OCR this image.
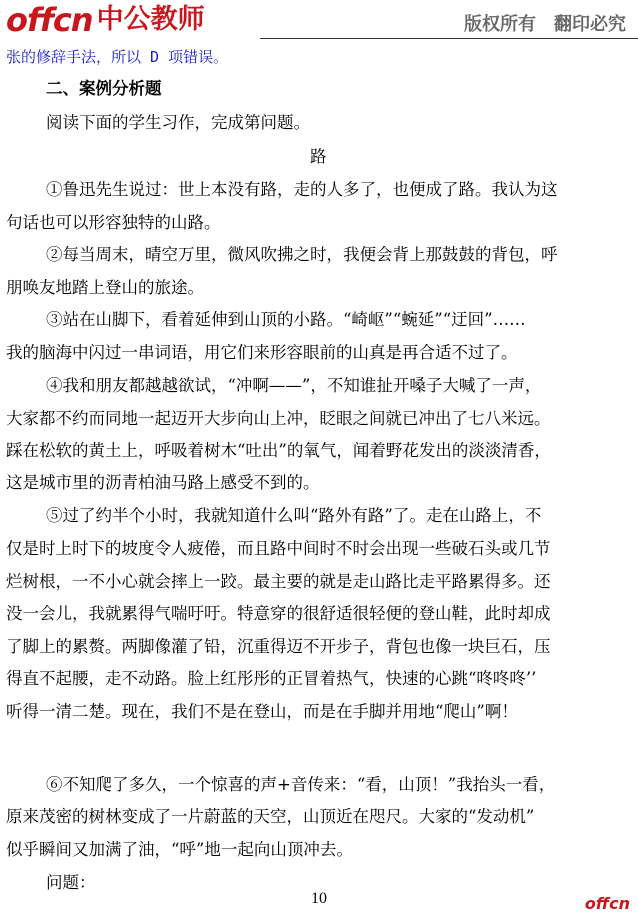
offcn 中公教师	版权所有 翻印必究
张的修辞手法，所以 D 项错误。
二、案例分析题
阅读下面的学生习作，完成第问题。
路
①鲁迅先生说过：世上本没有路，走的人多了，也便成了路。我认为这
句话也可以形容独特的山路。
②每当周末，晴空万里，微风吹拂之时，我便会背上那鼓鼓的背包，呼
朋唤友地踏上登山的旅途。
③站在山脚下，看着延伸到山顶的小路。“崎岖”“蜿延”“迂回”……
我的脑海中闪过一串词语，用它们来形容眼前的山真是再合适不过了。
④我和朋友都越越欲试，“冲啊——”，不知谁扯开嗓子大喊了一声，
大家都不约而同地一起迈开大步向山上冲，眨眼之间就已冲出了七八米远。
踩在松软的黄土上，呼吸着树木“吐出”的氧气，闻着野花发出的淡淡清香，
这是城市里的沥青柏油马路上感受不到的。
⑤过了约半个小时，我就知道什么叫“路外有路”了。走在山路上，不
仅是时上时下的坡度令人疲倦，而且路中间时不时会出现一些破石头或几节
烂树根，一不小心就会摔上一跤。最主要的就是走山路比走平路累得多。还
没一会儿，我就累得气喘吁吁。特意穿的很舒适很轻便的登山鞋，此时却成
了脚上的累赘。两脚像灌了铅，沉重得迈不开步子，背包也像一块巨石，压
得直不起腰，走不动路。脸上红彤彤的正冒着热气，快速的心跳“咚咚咚’’
听得一清二楚。现在，我们不是在登山，而是在手脚并用地“爬山”啊！
⑥不知爬了多久，一个惊喜的声+音传来：“看，山顶！”我抬头一看，
原来茂密的树林变成了一片蔚蓝的天空，山顶近在咫尺。大家的“发动机”
似乎瞬间又加满了油，“呼”地一起向山顶冲去。
问题：
10	offcn
